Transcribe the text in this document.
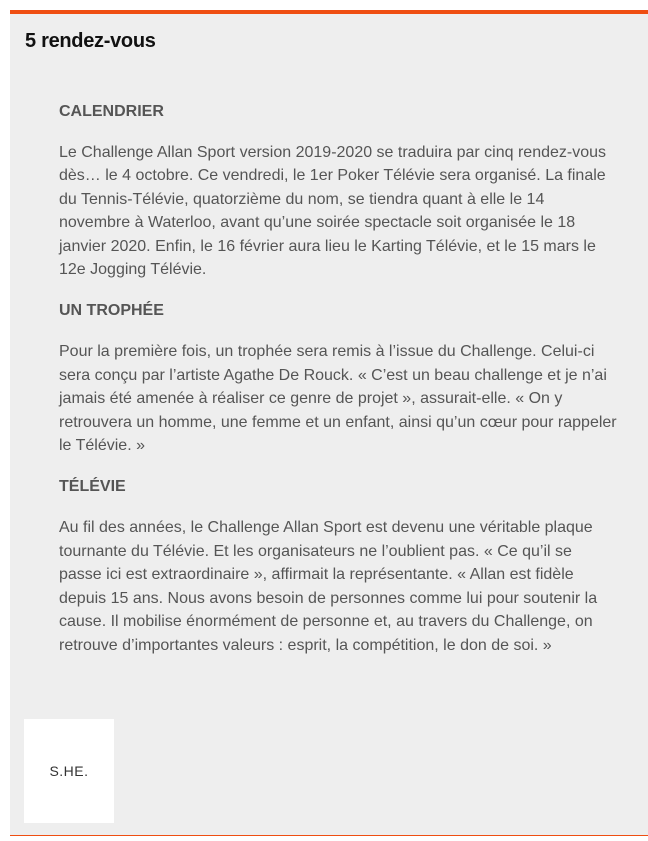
5 rendez-vous
CALENDRIER

Le Challenge Allan Sport version 2019-2020 se traduira par cinq rendez-vous dès… le 4 octobre. Ce vendredi, le 1er Poker Télévie sera organisé. La finale du Tennis-Télévie, quatorzième du nom, se tiendra quant à elle le 14 novembre à Waterloo, avant qu’une soirée spectacle soit organisée le 18 janvier 2020. Enfin, le 16 février aura lieu le Karting Télévie, et le 15 mars le 12e Jogging Télévie.

UN TROPHÉE

Pour la première fois, un trophée sera remis à l’issue du Challenge. Celui-ci sera conçu par l’artiste Agathe De Rouck. « C’est un beau challenge et je n’ai jamais été amenée à réaliser ce genre de projet », assurait-elle. « On y retrouvera un homme, une femme et un enfant, ainsi qu’un cœur pour rappeler le Télévie. »

TÉLÉVIE

Au fil des années, le Challenge Allan Sport est devenu une véritable plaque tournante du Télévie. Et les organisateurs ne l’oublient pas. « Ce qu’il se passe ici est extraordinaire », affirmait la représentante. « Allan est fidèle depuis 15 ans. Nous avons besoin de personnes comme lui pour soutenir la cause. Il mobilise énormément de personne et, au travers du Challenge, on retrouve d’importantes valeurs : esprit, la compétition, le don de soi. »

S.HE.
